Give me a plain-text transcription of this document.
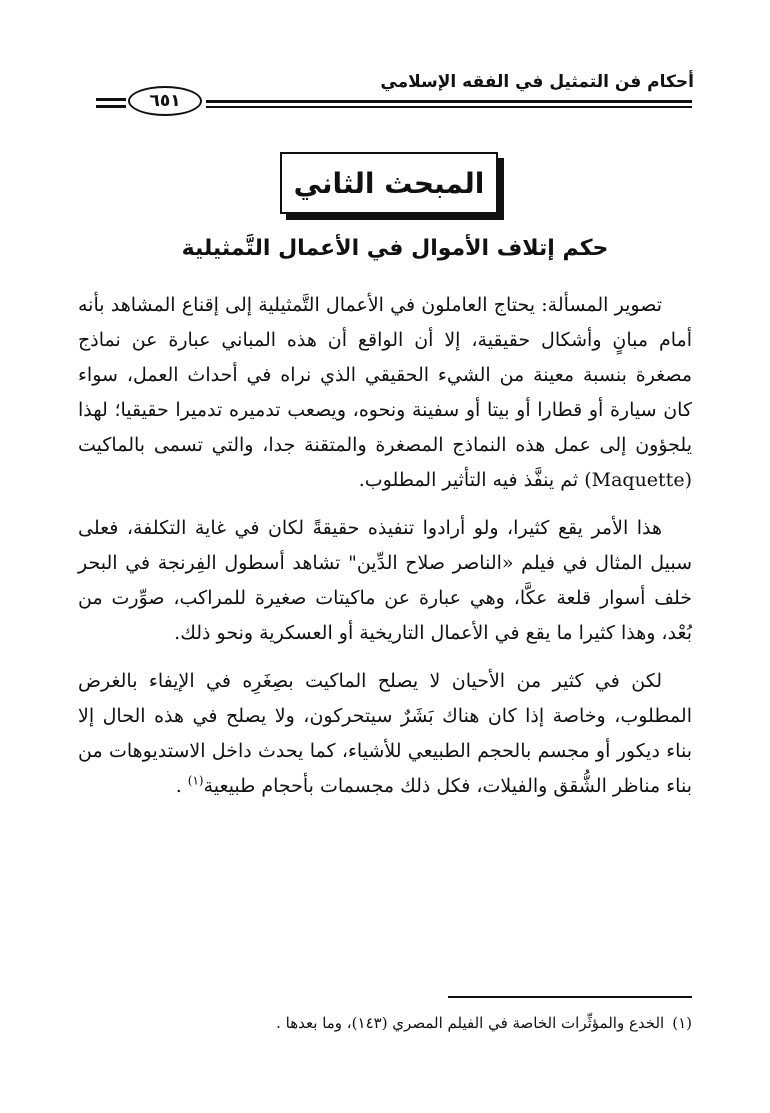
أحكام فن التمثيل في الفقه الإسلامي
٦٥١
المبحث الثاني
حكم إتلاف الأموال في الأعمال التَّمثيلية

تصوير المسألة: يحتاج العاملون في الأعمال التَّمثيلية إلى إقناع المشاهد بأنه أمام مبانٍ وأشكال حقيقية، إلا أن الواقع أن هذه المباني عبارة عن نماذج مصغرة بنسبة معينة من الشيء الحقيقي الذي نراه في أحداث العمل، سواء كان سيارة أو قطارا أو بيتا أو سفينة ونحوه، ويصعب تدميره تدميرا حقيقيا؛ لهذا يلجؤون إلى عمل هذه النماذج المصغرة والمتقنة جدا، والتي تسمى بالماكيت (Maquette) ثم ينفَّذ فيه التأثير المطلوب.

هذا الأمر يقع كثيرا، ولو أرادوا تنفيذه حقيقةً لكان في غاية التكلفة، فعلى سبيل المثال في فيلم «الناصر صلاح الدِّين" تشاهد أسطول الفِرنجة في البحر خلف أسوار قلعة عكَّا، وهي عبارة عن ماكيتات صغيرة للمراكب، صوِّرت من بُعْد، وهذا كثيرا ما يقع في الأعمال التاريخية أو العسكرية ونحو ذلك.

لكن في كثير من الأحيان لا يصلح الماكيت بصِغَرِه في الإيفاء بالغرض المطلوب، وخاصة إذا كان هناك بَشَرٌ سيتحركون، ولا يصلح في هذه الحال إلا بناء ديكور أو مجسم بالحجم الطبيعي للأشياء، كما يحدث داخل الاستديوهات من بناء مناظر الشُّقق والفيلات، فكل ذلك مجسمات بأحجام طبيعية$^{(١)}$ .

(١)الخدع والمؤثِّرات الخاصة في الفيلم المصري (١٤٣)، وما بعدها .
